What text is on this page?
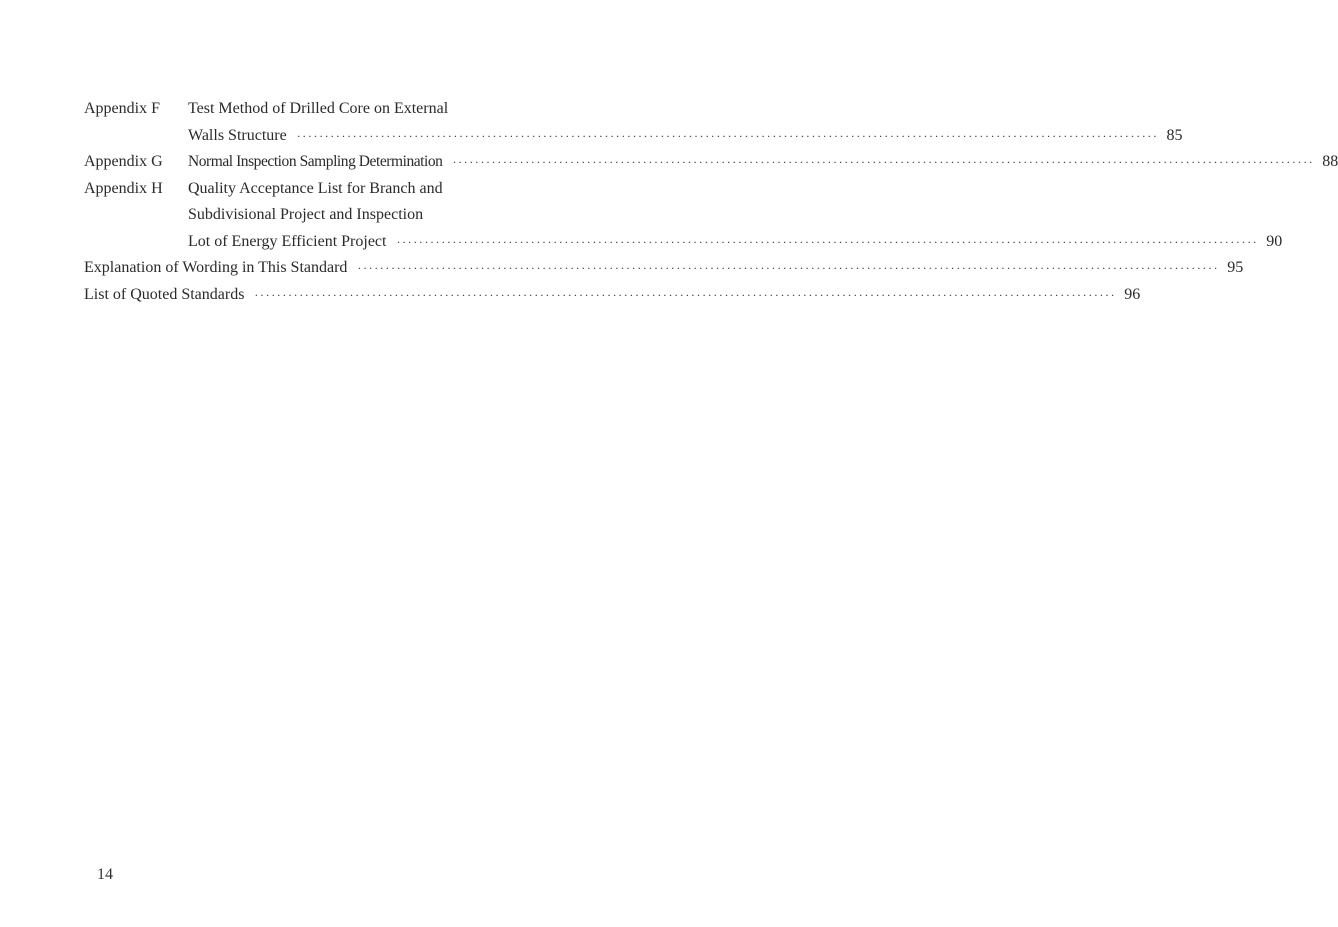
Appendix F	Test Method of Drilled Core on External
Walls Structure ·····	85
Appendix G	Normal Inspection Sampling Determination ·····	88
Appendix H	Quality Acceptance List for Branch and
Subdivisional Project and Inspection
Lot of Energy Efficient Project ·····	90
Explanation of Wording in This Standard ·····	95
List of Quoted Standards ·····	96
14
